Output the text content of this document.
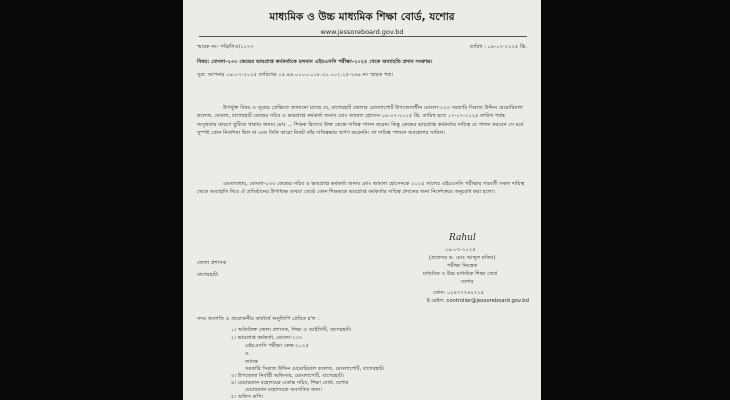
মাধ্যমিক ও উচ্চ মাধ্যমিক শিক্ষা বোর্ড, যশোর
www.jessoreboard.gov.bd
স্মারক নং- পরি/সিও/১০৭৭	তারিখ : ০৯-০৭-২০২৫ খ্রি.
বিষয়: মোংলা-২৩৩ কেন্দ্রের ভারপ্রাপ্ত কর্মকর্তাকে চলমান এইচএসসি পরীক্ষা-২০২৫ থেকে অব্যাহতি প্রদান সংক্রান্ত।
সূত্র: আপনার ০৯-০৭-২০২৫ তারিখের ০৫.৪৪.০১০০.০১৮.৩১.০০২.২৫-২৬৯ নং স্মারক পত্র।
উপর্যুক্ত বিষয় ও সূত্রের প্রেক্ষিতে জানানো যাচ্ছে যে, বাগেরহাট জেলার মোংলাপোর্ট উপজেলাধীন মোংলা-২৩৩ সরকারি সিরাজ উদ্দিন মেমোরিয়াল কলেজ, মোংলা, বাগেরহাট কেন্দ্রের সচিব ও ভারপ্রাপ্ত কর্মকর্তা জনাব মোঃ জামাল হোসেন ০৯-০৭-২০২৫ খ্রি. তারিখ হতে ১৭-০৭-২০২৫ তারিখ পর্যন্ত অসুস্থতার কারণে ছুটিতে থাকায় জনাব মোঃ ... শিক্ষক হিসাবে উক্ত কেন্দ্রে দায়িত্ব পালন করেন। কিন্তু কেন্দ্রের ভারপ্রাপ্ত কর্মকর্তার দায়িত্ব যে পালন করবেন সে মর্মে সুস্পষ্ট কোন নির্দেশনা ছিল না এবং তিনি কারো নিকট তাঁর দায়িত্বভার অর্পণ করেননি। তা দায়িত্ব পালনে অবহেলার সামিল।
এমতাবস্থায়, মোংলা-২৩৩ কেন্দ্রের সচিব ও ভারপ্রাপ্ত কর্মকর্তা জনাব মোঃ জামাল হোসেনকে ২০২৫ সালের এইচএসসি পরীক্ষার পরবর্তী সকল দায়িত্ব থেকে অব্যাহতি দিয়ে ঐ প্রতিষ্ঠানের উপাধ্যক্ষ অথবা জ্যেষ্ঠ কোন শিক্ষককে ভারপ্রাপ্ত কর্মকর্তার দায়িত্ব প্রদানের জন্য নির্দেশক্রমে অনুরোধ করা হলো।
Rahul
০৯-০৭-২০২৫
(প্রফেসর ড. মোঃ আব্দুল মতিন)
পরীক্ষা নিয়ন্ত্রক
মাধ্যমিক ও উচ্চ মাধ্যমিক শিক্ষা বোর্ড
যশোর
ফোন: ০২৪৭৭৭৬২৭১৪
ই-মেইল: controller@jessoreboard.gov.bd
জেলা প্রশাসক
বাগেরহাট।
সদয় অবগতি ও প্রয়োজনীয় কার্যার্থে অনুলিপি প্রেরিত হ'ল :
১। অতিরিক্ত জেলা প্রশাসক, শিক্ষা ও আইসিটি, বাগেরহাট।
২। ভারপ্রাপ্ত কর্মকর্তা, মোংলা-২৩৩
এইচএসসি পরীক্ষা কেন্দ্র-২০২৫
ও
অধ্যক্ষ
সরকারি সিরাজ উদ্দিন মেমোরিয়াল কলেজ, মোংলাপোর্ট, বাগেরহাট।
৩। উপজেলা নির্বাহী অফিসার, মোংলাপোর্ট, বাগেরহাট।
৪। চেয়ারম্যান মহোদয়ের একান্ত সচিব, শিক্ষা বোর্ড, যশোর
চেয়ারম্যান মহোদয়কে অবগতির জন্য।
৫। অফিস কপি।
